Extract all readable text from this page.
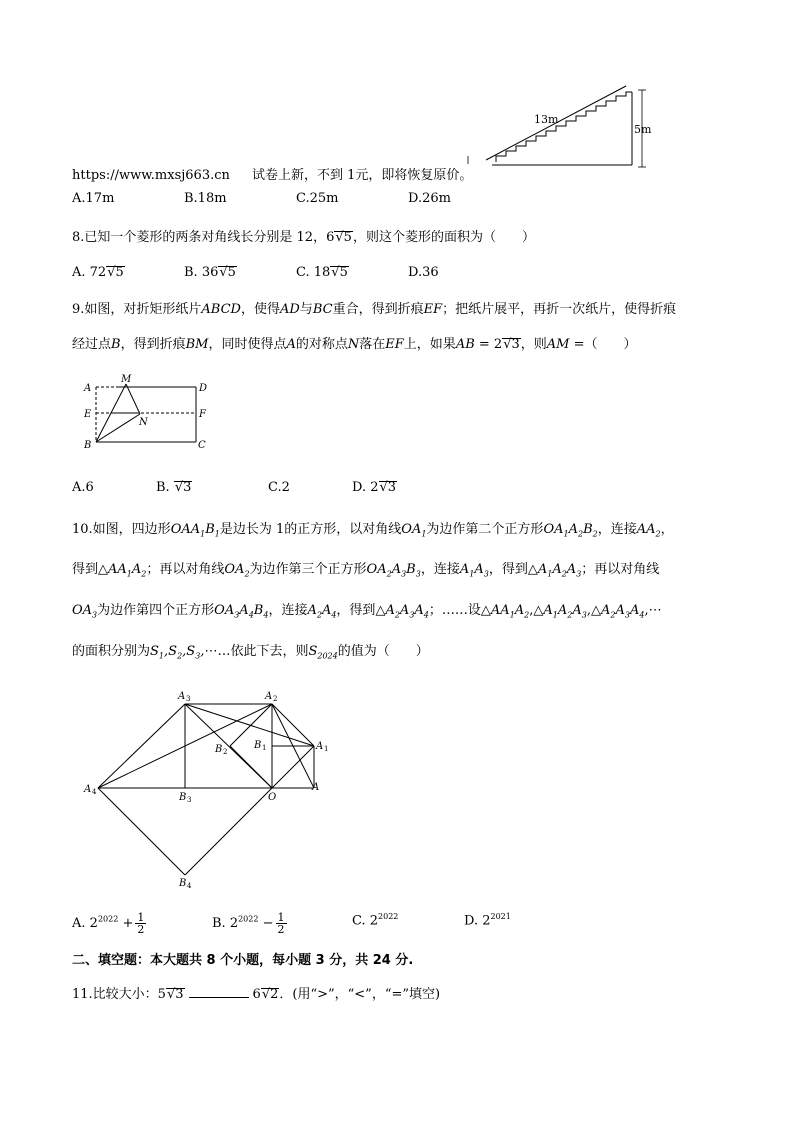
13m
5m
https://www.mxsj663.cn 试卷上新，不到 1元，即将恢复原价。
A.17m	B.18m	C.25m	D.26m
8.已知一个菱形的两条对角线长分别是 12，6√5，则这个菱形的面积为（　　）
A. 72√5	B. 36√5	C. 18√5	D.36
9.如图，对折矩形纸片ABCD，使得AD与BC重合，得到折痕EF；把纸片展平，再折一次纸片，使得折痕
经过点B，得到折痕BM，同时使得点A的对称点N落在EF上，如果AB = 2√3，则AM =（　　）
A
M
D
E	F
N
B	C
A.6	B. √3	C.2	D. 2√3
10.如图，四边形$OAA_1B_1$是边长为 1的正方形，以对角线$OA_1$为边作第二个正方形$OA_1A_2B_2$，连接$AA_2$，
得到$\triangle AA_1A_2$；再以对角线$OA_2$为边作第三个正方形$OA_2A_3B_3$，连接$A_1A_3$，得到$\triangle A_1A_2A_3$；再以对角线
$OA_3$为边作第四个正方形$OA_3A_4B_4$，连接$A_2A_4$，得到$\triangle A_2A_3A_4$；……设$\triangle AA_1A_2,\triangle A_1A_2A_3,\triangle A_2A_3A_4,\cdots$
的面积分别为$S_1,S_2,S_3,\cdots\dots$依此下去，则$S_{2024}$的值为（　　）
A 3	A 2
B 2
B 1	A 1
A 4	B 3	O
A
B 4
A. $2^{2022} + \frac{1}{2}$	B. $2^{2022} - \frac{1}{2}$	C. $2^{2022}$	D. $2^{2021}$
二、填空题：本大题共 8 个小题，每小题 3 分，共 24 分.
11.比较大小：5√3	6√2．(用“>”，“<”，“=”填空)
